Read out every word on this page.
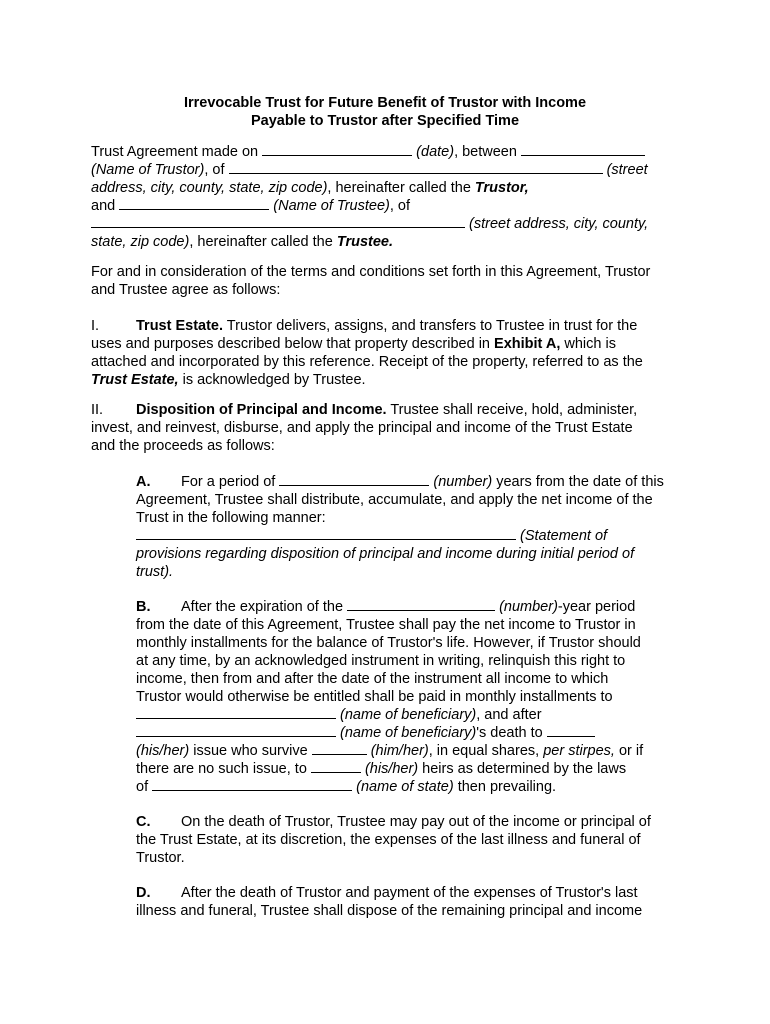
Irrevocable Trust for Future Benefit of Trustor with Income
Payable to Trustor after Specified Time
Trust Agreement made on	(date), between
(Name of Trustor), of	(street
address, city, county, state, zip code), hereinafter called the Trustor,
and	(Name of Trustee), of
(street address, city, county,
state, zip code), hereinafter called the Trustee.
For and in consideration of the terms and conditions set forth in this Agreement, Trustor
and Trustee agree as follows:
I.	Trust Estate. Trustor delivers, assigns, and transfers to Trustee in trust for the
uses and purposes described below that property described in Exhibit A, which is
attached and incorporated by this reference. Receipt of the property, referred to as the
Trust Estate, is acknowledged by Trustee.
II. Disposition of Principal and Income. Trustee shall receive, hold, administer,
invest, and reinvest, disburse, and apply the principal and income of the Trust Estate
and the proceeds as follows:
A. For a period of	(number) years from the date of this
Agreement, Trustee shall distribute, accumulate, and apply the net income of the
Trust in the following manner:
(Statement of
provisions regarding disposition of principal and income during initial period of
trust).
B. After the expiration of the	(number)-year period
from the date of this Agreement, Trustee shall pay the net income to Trustor in
monthly installments for the balance of Trustor's life. However, if Trustor should
at any time, by an acknowledged instrument in writing, relinquish this right to
income, then from and after the date of the instrument all income to which
Trustor would otherwise be entitled shall be paid in monthly installments to
(name of beneficiary), and after
(name of beneficiary)'s death to
(his/her) issue who survive	(him/her), in equal shares, per stirpes, or if
there are no such issue, to	(his/her) heirs as determined by the laws
of	(name of state) then prevailing.
C. On the death of Trustor, Trustee may pay out of the income or principal of
the Trust Estate, at its discretion, the expenses of the last illness and funeral of
Trustor.
D. After the death of Trustor and payment of the expenses of Trustor's last
illness and funeral, Trustee shall dispose of the remaining principal and income
